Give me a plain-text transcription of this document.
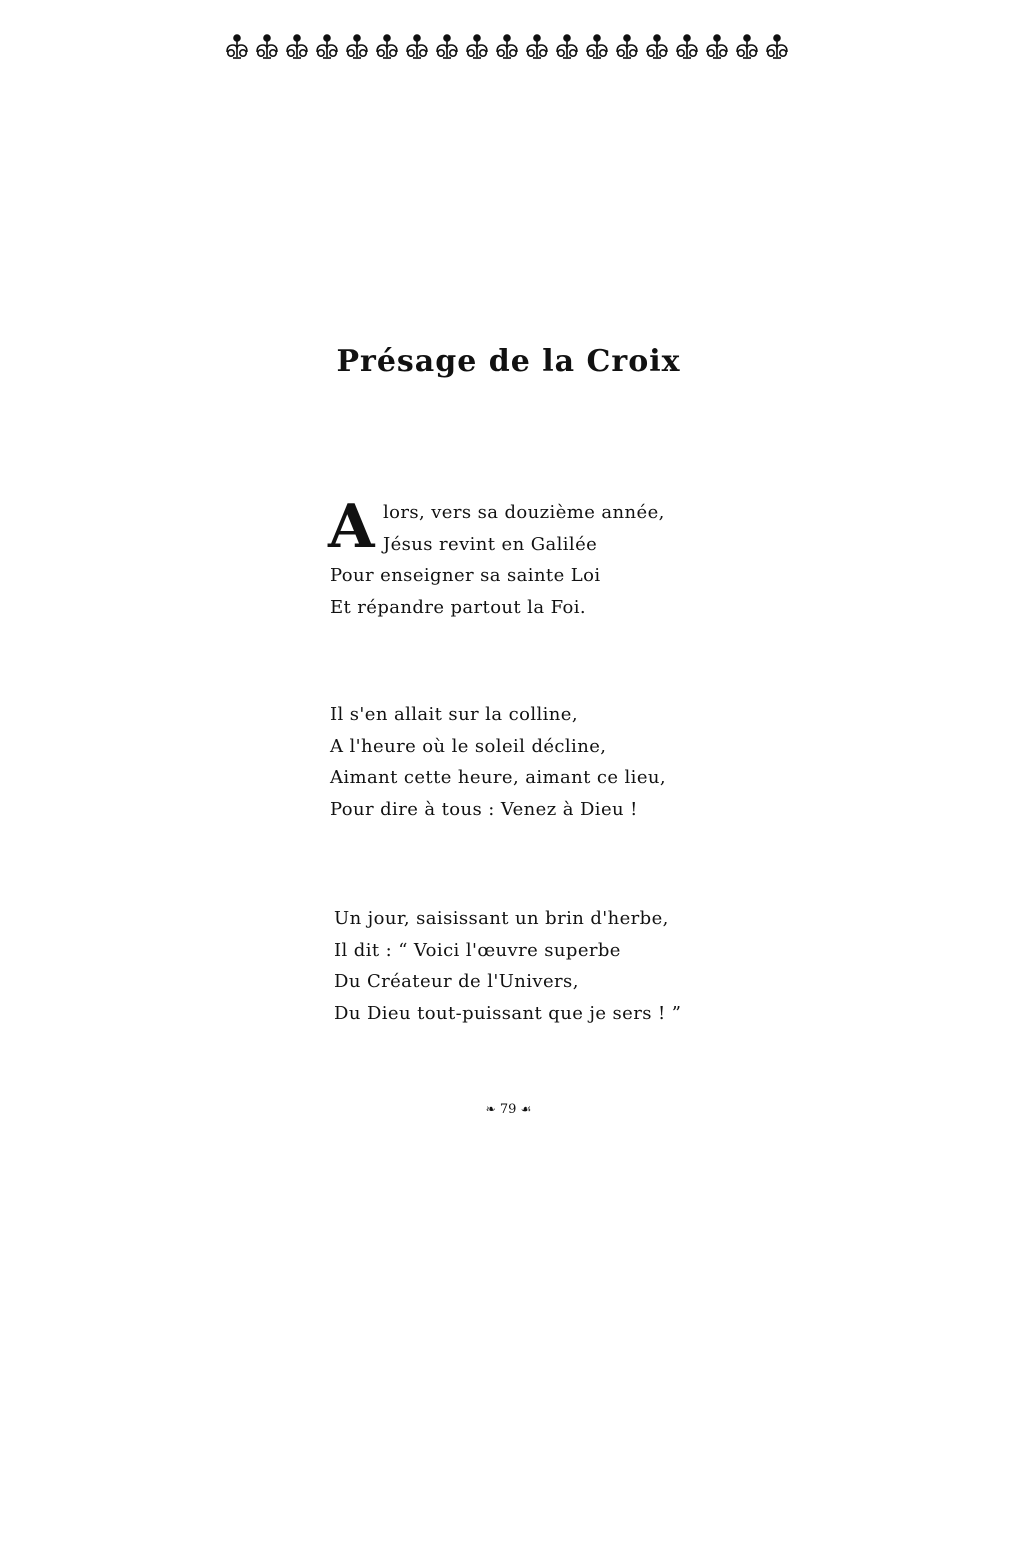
Présage de la Croix
Alors, vers sa douzième année,
Jésus revint en Galilée
Pour enseigner sa sainte Loi
Et répandre partout la Foi.
Il s'en allait sur la colline,
A l'heure où le soleil décline,
Aimant cette heure, aimant ce lieu,
Pour dire à tous : Venez à Dieu !
Un jour, saisissant un brin d'herbe,
Il dit : “ Voici l'œuvre superbe
Du Créateur de l'Univers,
Du Dieu tout-puissant que je sers ! ”
❧ 79 ☙
